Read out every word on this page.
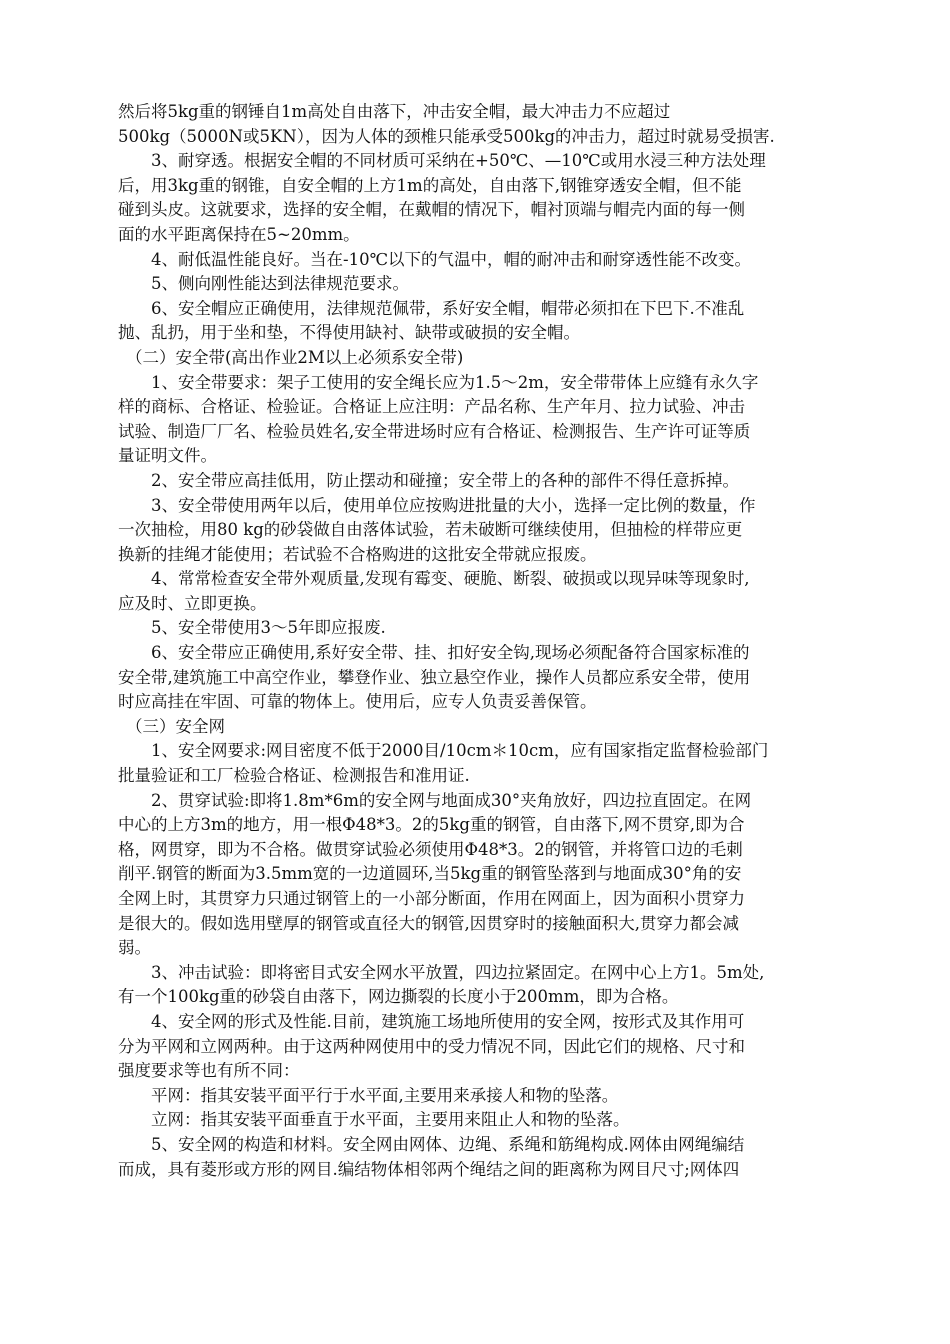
然后将5kg重的钢锤自1m高处自由落下，冲击安全帽，最大冲击力不应超过
500kg（5000N或5KN），因为人体的颈椎只能承受500kg的冲击力，超过时就易受损害.
3、耐穿透。根据安全帽的不同材质可采纳在+50℃、—10℃或用水浸三种方法处理
后，用3kg重的钢锥，自安全帽的上方1m的高处，自由落下,钢锥穿透安全帽，但不能
碰到头皮。这就要求，选择的安全帽，在戴帽的情况下，帽衬顶端与帽壳内面的每一侧
面的水平距离保持在5~20mm。
4、耐低温性能良好。当在-10℃以下的气温中，帽的耐冲击和耐穿透性能不改变。
5、侧向刚性能达到法律规范要求。
6、安全帽应正确使用，法律规范佩带，系好安全帽，帽带必须扣在下巴下.不准乱
抛、乱扔，用于坐和垫，不得使用缺衬、缺带或破损的安全帽。
（二）安全带(高出作业2M以上必须系安全带)
1、安全带要求：架子工使用的安全绳长应为1.5～2m，安全带带体上应缝有永久字
样的商标、合格证、检验证。合格证上应注明：产品名称、生产年月、拉力试验、冲击
试验、制造厂厂名、检验员姓名,安全带进场时应有合格证、检测报告、生产许可证等质
量证明文件。
2、安全带应高挂低用，防止摆动和碰撞；安全带上的各种的部件不得任意拆掉。
3、安全带使用两年以后，使用单位应按购进批量的大小，选择一定比例的数量，作
一次抽检，用80 kg的砂袋做自由落体试验，若未破断可继续使用，但抽检的样带应更
换新的挂绳才能使用；若试验不合格购进的这批安全带就应报废。
4、常常检查安全带外观质量,发现有霉变、硬脆、断裂、破损或以现异味等现象时,
应及时、立即更换。
5、安全带使用3～5年即应报废.
6、安全带应正确使用,系好安全带、挂、扣好安全钩,现场必须配备符合国家标准的
安全带,建筑施工中高空作业，攀登作业、独立悬空作业，操作人员都应系安全带，使用
时应高挂在牢固、可靠的物体上。使用后，应专人负责妥善保管。
（三）安全网
1、安全网要求:网目密度不低于2000目/10cm＊10cm，应有国家指定监督检验部门
批量验证和工厂检验合格证、检测报告和准用证.
2、贯穿试验:即将1.8m*6m的安全网与地面成30°夹角放好，四边拉直固定。在网
中心的上方3m的地方，用一根Φ48*3。2的5kg重的钢管，自由落下,网不贯穿,即为合
格，网贯穿，即为不合格。做贯穿试验必须使用Φ48*3。2的钢管，并将管口边的毛刺
削平.钢管的断面为3.5mm宽的一边道圆环,当5kg重的钢管坠落到与地面成30°角的安
全网上时，其贯穿力只通过钢管上的一小部分断面，作用在网面上，因为面积小贯穿力
是很大的。假如选用壁厚的钢管或直径大的钢管,因贯穿时的接触面积大,贯穿力都会减
弱。
3、冲击试验：即将密目式安全网水平放置，四边拉紧固定。在网中心上方1。5m处,
有一个100kg重的砂袋自由落下，网边撕裂的长度小于200mm，即为合格。
4、安全网的形式及性能.目前，建筑施工场地所使用的安全网，按形式及其作用可
分为平网和立网两种。由于这两种网使用中的受力情况不同，因此它们的规格、尺寸和
强度要求等也有所不同：
平网：指其安装平面平行于水平面,主要用来承接人和物的坠落。
立网：指其安装平面垂直于水平面，主要用来阻止人和物的坠落。
5、安全网的构造和材料。安全网由网体、边绳、系绳和筋绳构成.网体由网绳编结
而成，具有菱形或方形的网目.编结物体相邻两个绳结之间的距离称为网目尺寸;网体四
